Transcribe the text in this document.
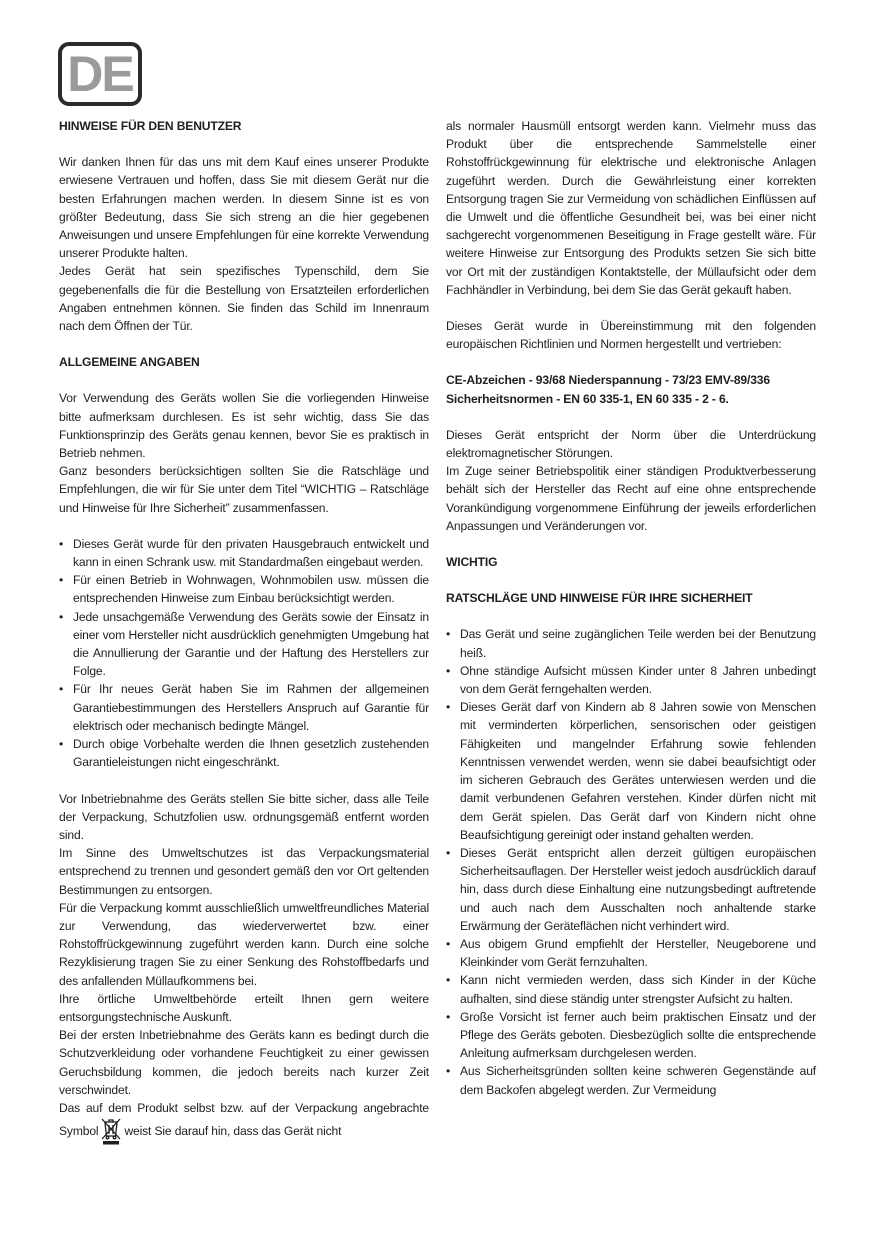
DE

HINWEISE FÜR DEN BENUTZER

Wir danken Ihnen für das uns mit dem Kauf eines unserer Produkte erwiesene Vertrauen und hoffen, dass Sie mit diesem Gerät nur die besten Erfahrungen machen werden. In diesem Sinne ist es von größter Bedeutung, dass Sie sich streng an die hier gegebenen Anweisungen und unsere Empfehlungen für eine korrekte Verwendung unserer Produkte halten.

Jedes Gerät hat sein spezifisches Typenschild, dem Sie gegebenenfalls die für die Bestellung von Ersatzteilen erforderlichen Angaben entnehmen können. Sie finden das Schild im Innenraum nach dem Öffnen der Tür.

ALLGEMEINE ANGABEN

Vor Verwendung des Geräts wollen Sie die vorliegenden Hinweise bitte aufmerksam durchlesen. Es ist sehr wichtig, dass Sie das Funktionsprinzip des Geräts genau kennen, bevor Sie es praktisch in Betrieb nehmen.

Ganz besonders berücksichtigen sollten Sie die Ratschläge und Empfehlungen, die wir für Sie unter dem Titel “WICHTIG – Ratschläge und Hinweise für Ihre Sicherheit” zusammenfassen.

• Dieses Gerät wurde für den privaten Hausgebrauch entwickelt und kann in einen Schrank usw. mit Standardmaßen eingebaut werden.
• Für einen Betrieb in Wohnwagen, Wohnmobilen usw. müssen die entsprechenden Hinweise zum Einbau berücksichtigt werden.
• Jede unsachgemäße Verwendung des Geräts sowie der Einsatz in einer vom Hersteller nicht ausdrücklich genehmigten Umgebung hat die Annullierung der Garantie und der Haftung des Herstellers zur Folge.
• Für Ihr neues Gerät haben Sie im Rahmen der allgemeinen Garantiebestimmungen des Herstellers Anspruch auf Garantie für elektrisch oder mechanisch bedingte Mängel.
• Durch obige Vorbehalte werden die Ihnen gesetzlich zustehenden Garantieleistungen nicht eingeschränkt.

Vor Inbetriebnahme des Geräts stellen Sie bitte sicher, dass alle Teile der Verpackung, Schutzfolien usw. ordnungsgemäß entfernt worden sind.

Im Sinne des Umweltschutzes ist das Verpackungsmaterial entsprechend zu trennen und gesondert gemäß den vor Ort geltenden Bestimmungen zu entsorgen.

Für die Verpackung kommt ausschließlich umweltfreundliches Material zur Verwendung, das wiederverwertet bzw. einer Rohstoffrückgewinnung zugeführt werden kann. Durch eine solche Rezyklisierung tragen Sie zu einer Senkung des Rohstoffbedarfs und des anfallenden Müllaufkommens bei.

Ihre örtliche Umweltbehörde erteilt Ihnen gern weitere entsorgungstechnische Auskunft.

Bei der ersten Inbetriebnahme des Geräts kann es bedingt durch die Schutzverkleidung oder vorhandene Feuchtigkeit zu einer gewissen Geruchsbildung kommen, die jedoch bereits nach kurzer Zeit verschwindet.

Das auf dem Produkt selbst bzw. auf der Verpackung angebrachte Symbol weist Sie darauf hin, dass das Gerät nicht

als normaler Hausmüll entsorgt werden kann. Vielmehr muss das Produkt über die entsprechende Sammelstelle einer Rohstoffrückgewinnung für elektrische und elektronische Anlagen zugeführt werden. Durch die Gewährleistung einer korrekten Entsorgung tragen Sie zur Vermeidung von schädlichen Einflüssen auf die Umwelt und die öffentliche Gesundheit bei, was bei einer nicht sachgerecht vorgenommenen Beseitigung in Frage gestellt wäre. Für weitere Hinweise zur Entsorgung des Produkts setzen Sie sich bitte vor Ort mit der zuständigen Kontaktstelle, der Müllaufsicht oder dem Fachhändler in Verbindung, bei dem Sie das Gerät gekauft haben.

Dieses Gerät wurde in Übereinstimmung mit den folgenden europäischen Richtlinien und Normen hergestellt und vertrieben:

CE-Abzeichen - 93/68 Niederspannung - 73/23 EMV-89/336

Sicherheitsnormen - EN 60 335-1, EN 60 335 - 2 - 6.

Dieses Gerät entspricht der Norm über die Unterdrückung elektromagnetischer Störungen.

Im Zuge seiner Betriebspolitik einer ständigen Produktverbesserung behält sich der Hersteller das Recht auf eine ohne entsprechende Vorankündigung vorgenommene Einführung der jeweils erforderlichen Anpassungen und Veränderungen vor.

WICHTIG

RATSCHLÄGE UND HINWEISE FÜR IHRE SICHERHEIT

• Das Gerät und seine zugänglichen Teile werden bei der Benutzung heiß.
• Ohne ständige Aufsicht müssen Kinder unter 8 Jahren unbedingt von dem Gerät ferngehalten werden.
• Dieses Gerät darf von Kindern ab 8 Jahren sowie von Menschen mit verminderten körperlichen, sensorischen oder geistigen Fähigkeiten und mangelnder Erfahrung sowie fehlenden Kenntnissen verwendet werden, wenn sie dabei beaufsichtigt oder im sicheren Gebrauch des Gerätes unterwiesen werden und die damit verbundenen Gefahren verstehen. Kinder dürfen nicht mit dem Gerät spielen. Das Gerät darf von Kindern nicht ohne Beaufsichtigung gereinigt oder instand gehalten werden.
• Dieses Gerät entspricht allen derzeit gültigen europäischen Sicherheitsauflagen. Der Hersteller weist jedoch ausdrücklich darauf hin, dass durch diese Einhaltung eine nutzungsbedingt auftretende und auch nach dem Ausschalten noch anhaltende starke Erwärmung der Geräteflächen nicht verhindert wird.
• Aus obigem Grund empfiehlt der Hersteller, Neugeborene und Kleinkinder vom Gerät fernzuhalten.
• Kann nicht vermieden werden, dass sich Kinder in der Küche aufhalten, sind diese ständig unter strengster Aufsicht zu halten.
• Große Vorsicht ist ferner auch beim praktischen Einsatz und der Pflege des Geräts geboten. Diesbezüglich sollte die entsprechende Anleitung aufmerksam durchgelesen werden.
• Aus Sicherheitsgründen sollten keine schweren Gegenstände auf dem Backofen abgelegt werden. Zur Vermeidung
